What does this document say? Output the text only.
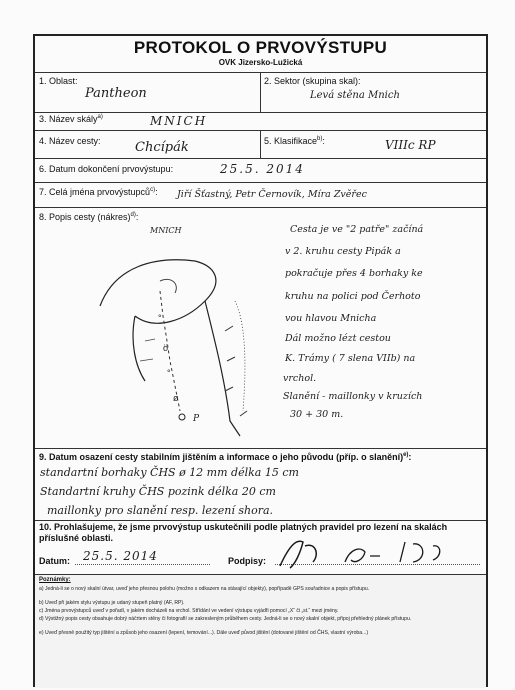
PROTOKOL O PRVOVÝSTUPU
OVK Jizersko-Lužická
1. Oblast:
Pantheon
2. Sektor (skupina skal):
Levá stěna Mnich
3. Název skály$^{a)}$	MNICH
4. Název cesty:	Chcípák	5. Klasifikace$^{b)}$:	VIIIc RP
6. Datum dokončení prvovýstupu:	25.5. 2014
7. Celá jména prvovýstupců$^{c)}$: Jiří Šťastný, Petr Černovík, Míra Zvěřec
8. Popis cesty (nákres)$^{d)}$:
MNICH
°
ö
°
ø
P
Cesta je ve "2 patře" začíná
v 2. kruhu cesty Pipák a
pokračuje přes 4 borhaky ke
kruhu na polici pod Čerhoto
vou hlavou Mnicha
Dál možno lézt cestou
K. Trámy ( 7 slena VIIb) na
vrchol.
Slanění - maillonky v kruzích
30 + 30 m.
9. Datum osazení cesty stabilním jištěním a informace o jeho původu (příp. o slanění)$^{e)}$:
standartní borhaky ČHS ø 12 mm délka 15 cm
Standartní kruhy ČHS pozink délka 20 cm
maillonky pro slanění resp. lezení shora.
10. Prohlašujeme, že jsme prvovýstup uskutečnili podle platných pravidel pro lezení na skalách příslušné oblasti.
Datum: 25.5. 2014	Podpisy:
Poznámky:
a) Jedná-li se o nový skalní útvar, uveď jeho přesnou polohu (možno s odkazem na stávající objekty), popřípadě GPS souřadnice a popis přístupu.
b) Uveď při jakém stylu výstupu je udaný stupeň platný (AF, RP).
c) Jména prvovýstupců uveď v pořadí, v jakém docházeli na vrchol. Střídání ve vedení výstupu vyjádři pomocí „X“ či „st.“ mezi jmény.
d) Výstižný popis cesty obsahuje dobrý náčrtem stěny či fotografií se zakresleným průběhem cesty. Jedná-li se o nový skalní objekt, připoj přehledný plánek přístupu.
e) Uveď přesně použitý typ jištění a způsob jeho osazení (lepení, temování...). Dále uveď původ jištění (dotované jištění od ČHS, vlastní výroba...)
